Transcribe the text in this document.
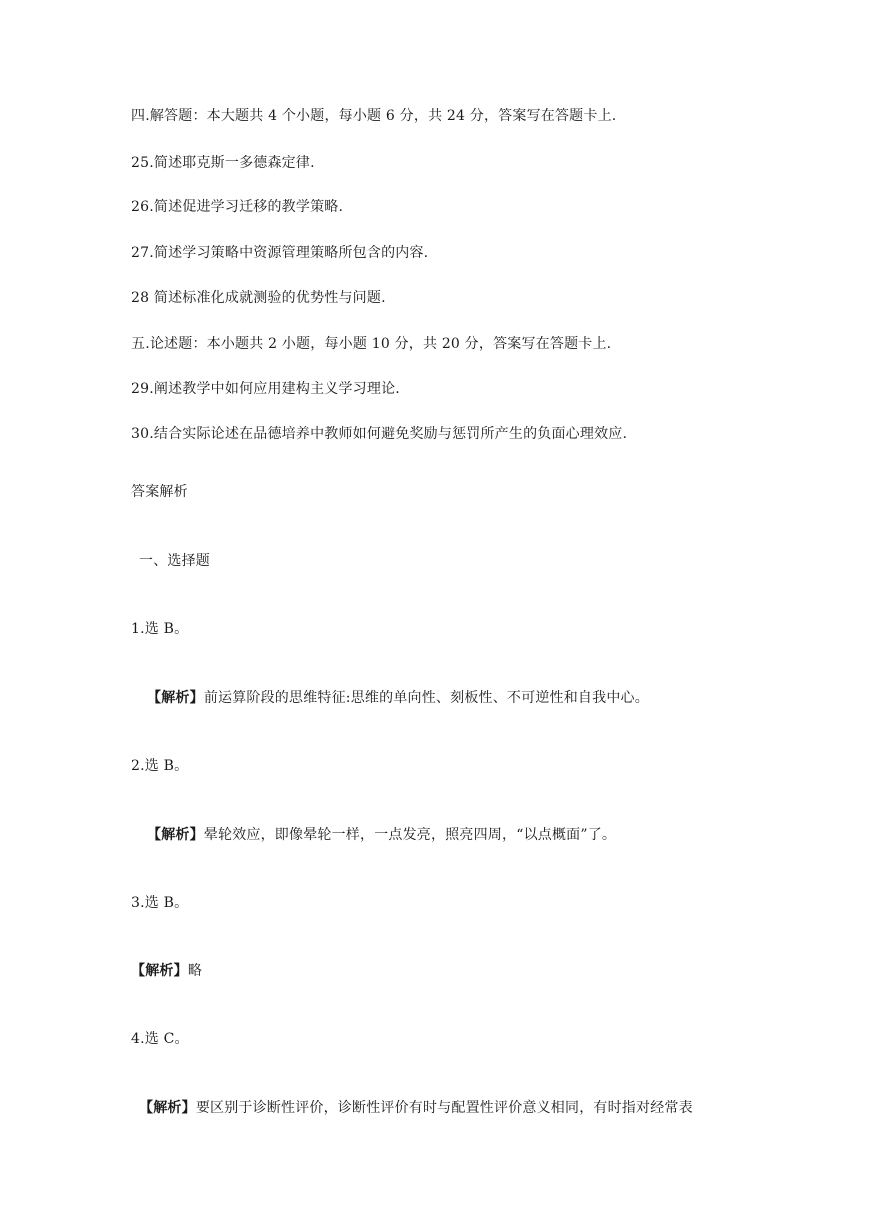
四.解答题：本大题共 4 个小题，每小题 6 分，共 24 分，答案写在答题卡上.
25.简述耶克斯一多德森定律.
26.简述促进学习迁移的教学策略.
27.简述学习策略中资源管理策略所包含的内容.
28 简述标准化成就测验的优势性与问题.
五.论述题：本小题共 2 小题，每小题 10 分，共 20 分，答案写在答题卡上.
29.阐述教学中如何应用建构主义学习理论.
30.结合实际论述在品德培养中教师如何避免奖励与惩罚所产生的负面心理效应.
答案解析
一、选择题
1.选 B。
【解析】前运算阶段的思维特征:思维的单向性、刻板性、不可逆性和自我中心。
2.选 B。
【解析】晕轮效应，即像晕轮一样，一点发亮，照亮四周，“以点概面”了。
3.选 B。
【解析】略
4.选 C。
【解析】要区别于诊断性评价，诊断性评价有时与配置性评价意义相同，有时指对经常表
